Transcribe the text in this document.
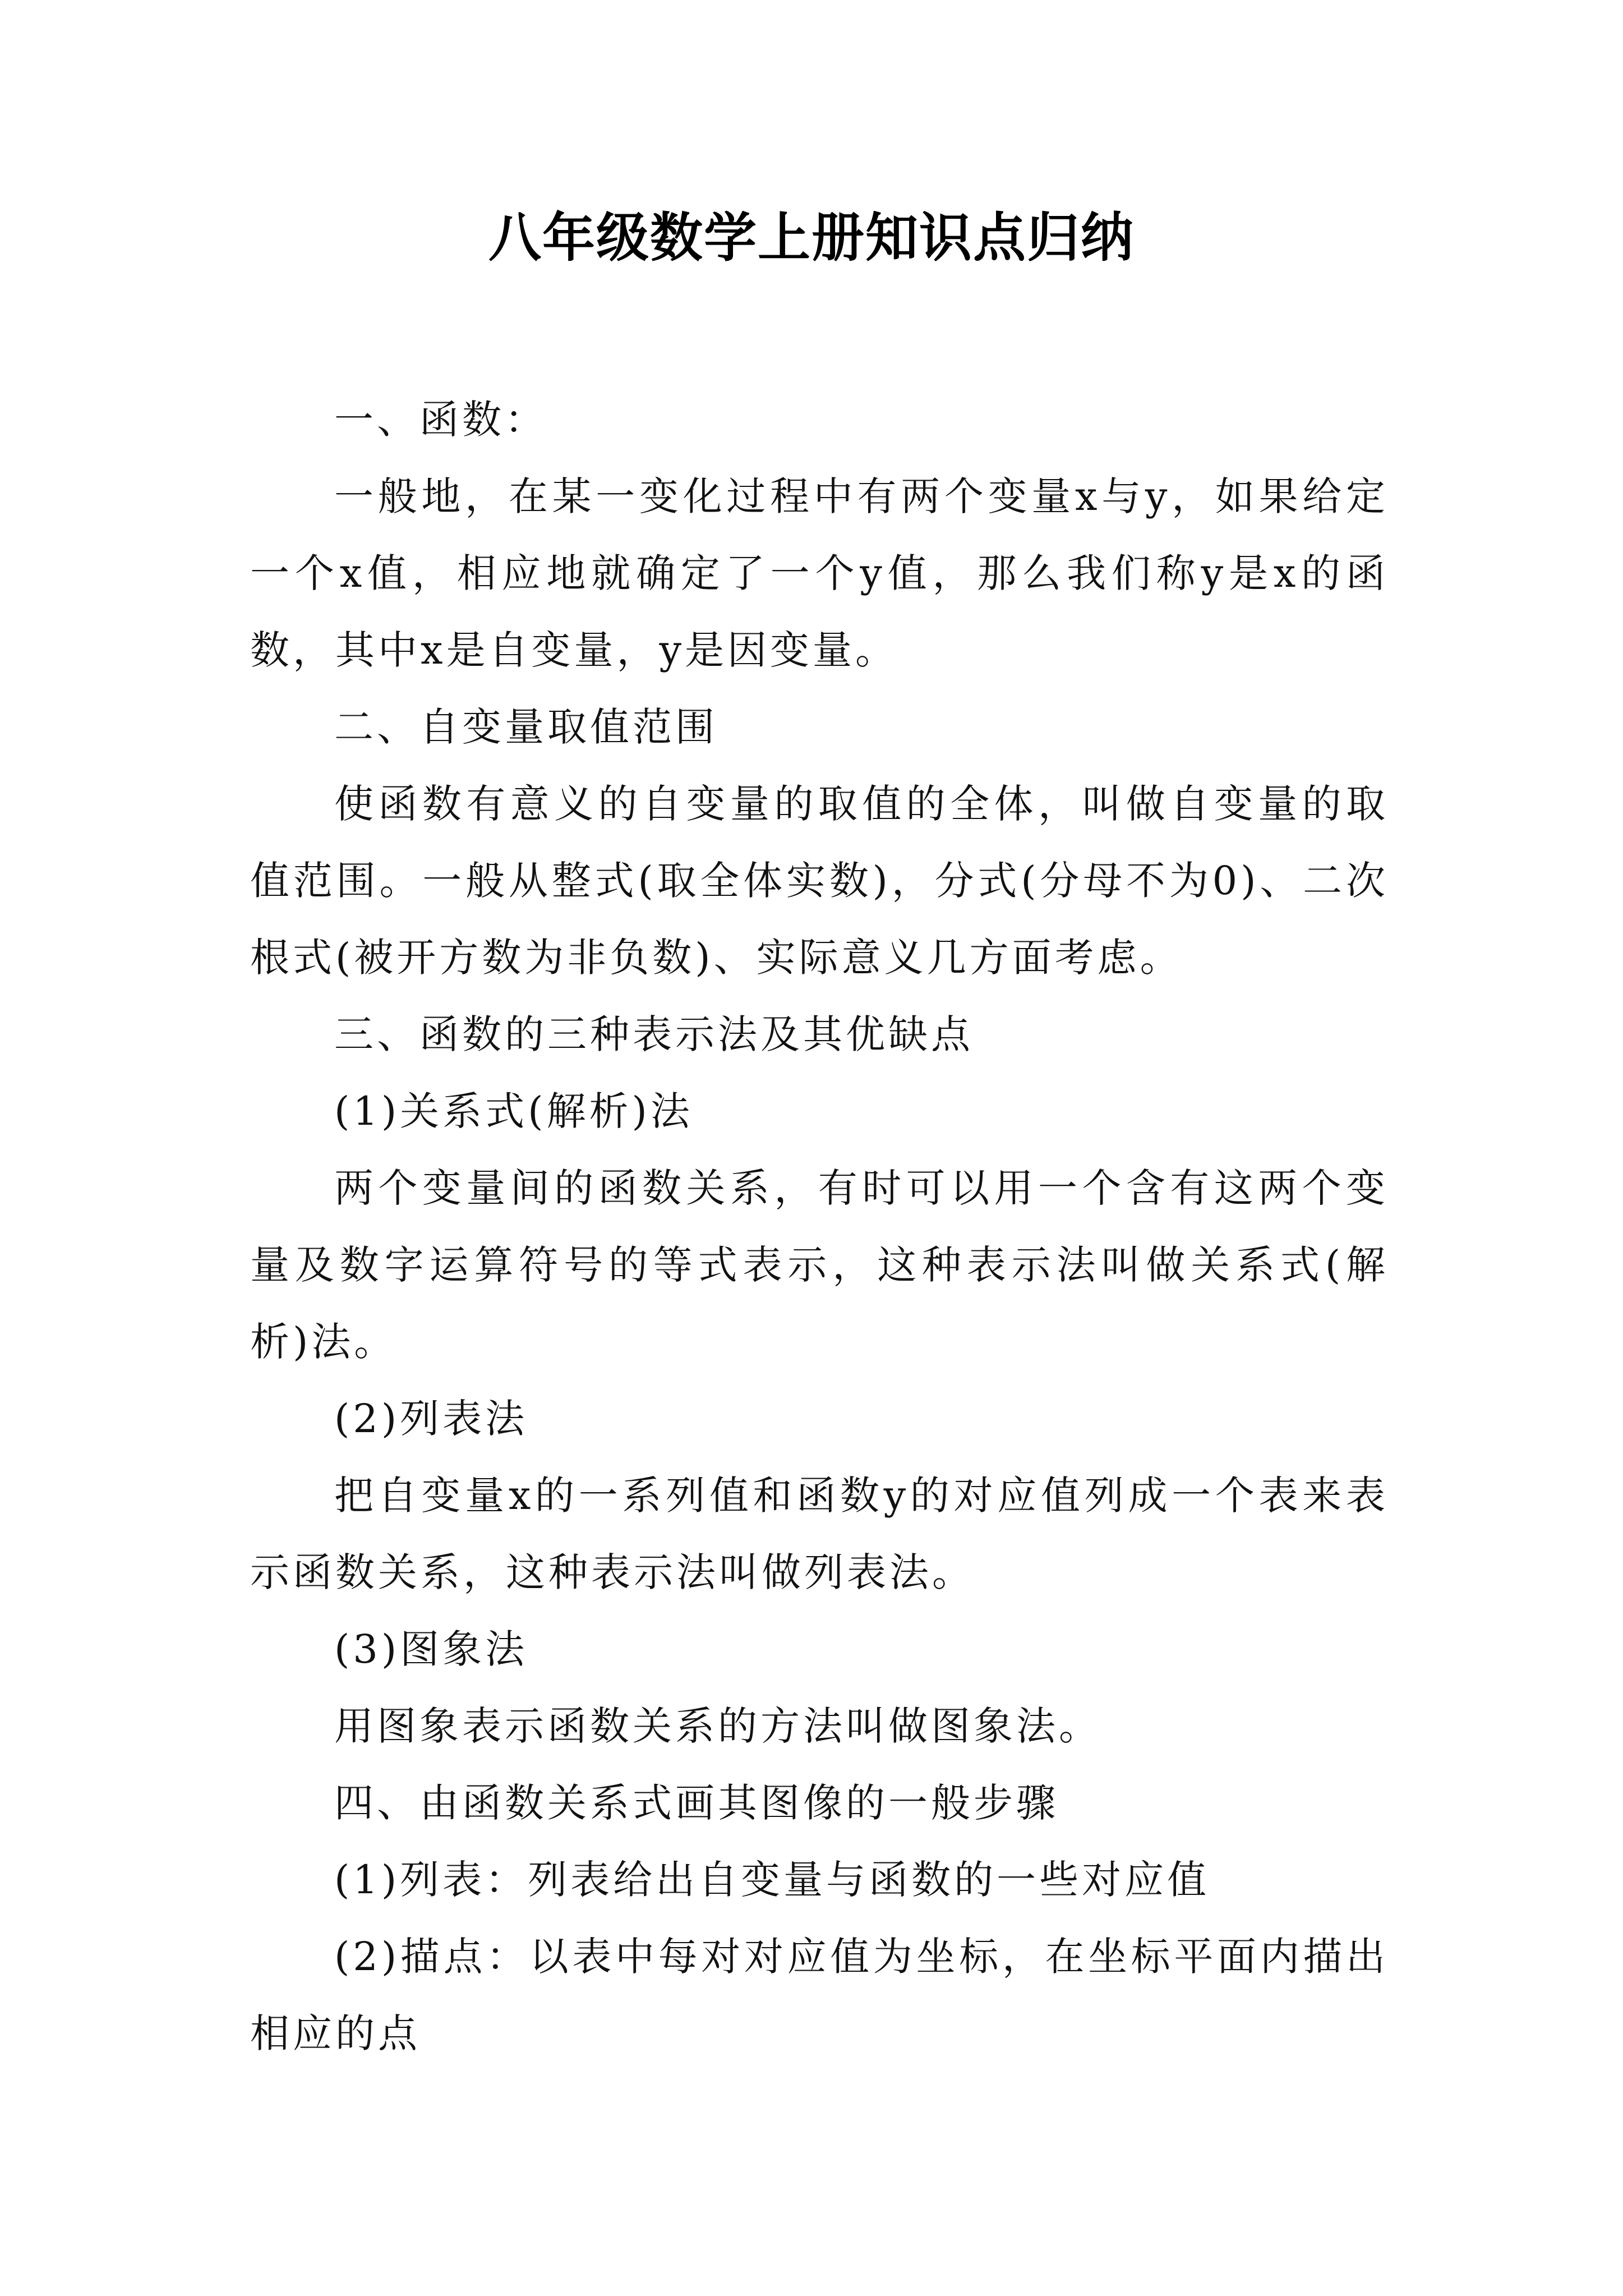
八年级数学上册知识点归纳

一、函数：

一般地，在某一变化过程中有两个变量x与y，如果给定一个x值，相应地就确定了一个y值，那么我们称y是x的函数，其中x是自变量，y是因变量。

二、自变量取值范围

使函数有意义的自变量的取值的全体，叫做自变量的取值范围。一般从整式(取全体实数)，分式(分母不为0)、二次根式(被开方数为非负数)、实际意义几方面考虑。

三、函数的三种表示法及其优缺点

(1)关系式(解析)法

两个变量间的函数关系，有时可以用一个含有这两个变量及数字运算符号的等式表示，这种表示法叫做关系式(解析)法。

(2)列表法

把自变量x的一系列值和函数y的对应值列成一个表来表示函数关系，这种表示法叫做列表法。

(3)图象法

用图象表示函数关系的方法叫做图象法。

四、由函数关系式画其图像的一般步骤

(1)列表：列表给出自变量与函数的一些对应值

(2)描点：以表中每对对应值为坐标，在坐标平面内描出相应的点
